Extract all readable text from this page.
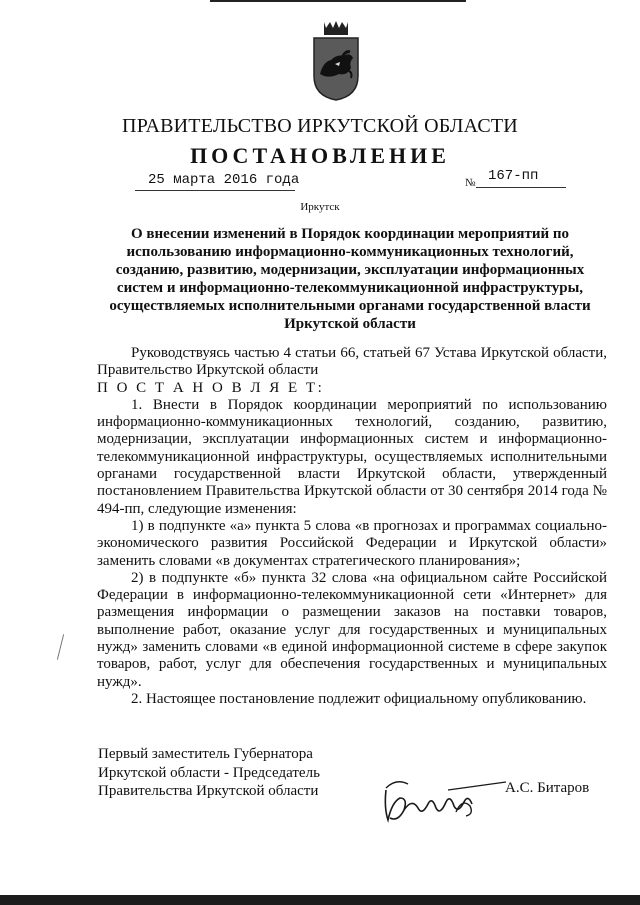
ПРАВИТЕЛЬСТВО ИРКУТСКОЙ ОБЛАСТИ
ПОСТАНОВЛЕНИЕ
25 марта 2016 года	№ 167-пп
Иркутск
О внесении изменений в Порядок координации мероприятий по
использованию информационно-коммуникационных технологий,
созданию, развитию, модернизации, эксплуатации информационных
систем и информационно-телекоммуникационной инфраструктуры,
осуществляемых исполнительными органами государственной власти
Иркутской области

Руководствуясь частью 4 статьи 66, статьей 67 Устава Иркутской области, Правительство Иркутской области

П О С Т А Н О В Л Я Е Т:

1. Внести в Порядок координации мероприятий по использованию информационно-коммуникационных технологий, созданию, развитию, модернизации, эксплуатации информационных систем и информационно-телекоммуникационной инфраструктуры, осуществляемых исполнительными органами государственной власти Иркутской области, утвержденный постановлением Правительства Иркутской области от 30 сентября 2014 года № 494-пп, следующие изменения:

1) в подпункте «а» пункта 5 слова «в прогнозах и программах социально-экономического развития Российской Федерации и Иркутской области» заменить словами «в документах стратегического планирования»;

2) в подпункте «б» пункта 32 слова «на официальном сайте Российской Федерации в информационно-телекоммуникационной сети «Интернет» для размещения информации о размещении заказов на поставки товаров, выполнение работ, оказание услуг для государственных и муниципальных нужд» заменить словами «в единой информационной системе в сфере закупок товаров, работ, услуг для обеспечения государственных и муниципальных нужд».

2. Настоящее постановление подлежит официальному опубликованию.

Первый заместитель Губернатора
Иркутской области - Председатель
Правительства Иркутской области	А.С. Битаров
